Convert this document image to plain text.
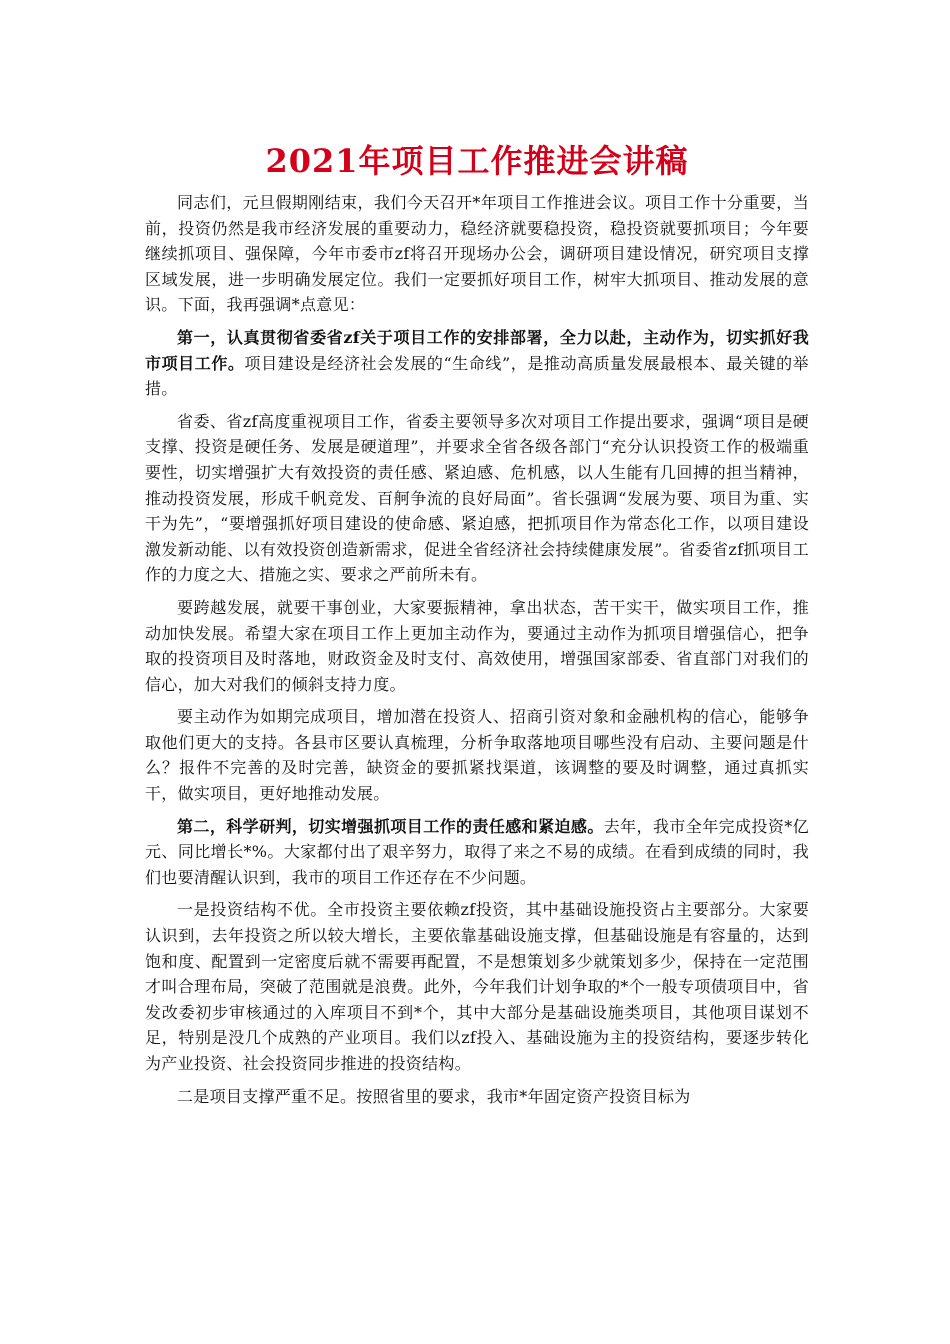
2021年项目工作推进会讲稿

同志们，元旦假期刚结束，我们今天召开*年项目工作推进会议。项目工作十分重要，当前，投资仍然是我市经济发展的重要动力，稳经济就要稳投资，稳投资就要抓项目；今年要继续抓项目、强保障，今年市委市zf将召开现场办公会，调研项目建设情况，研究项目支撑区域发展，进一步明确发展定位。我们一定要抓好项目工作，树牢大抓项目、推动发展的意识。下面，我再强调*点意见：

第一，认真贯彻省委省zf关于项目工作的安排部署，全力以赴，主动作为，切实抓好我市项目工作。项目建设是经济社会发展的“生命线”，是推动高质量发展最根本、最关键的举措。

省委、省zf高度重视项目工作，省委主要领导多次对项目工作提出要求，强调“项目是硬支撑、投资是硬任务、发展是硬道理”，并要求全省各级各部门“充分认识投资工作的极端重要性，切实增强扩大有效投资的责任感、紧迫感、危机感，以人生能有几回搏的担当精神，推动投资发展，形成千帆竞发、百舸争流的良好局面”。省长强调“发展为要、项目为重、实干为先”，“要增强抓好项目建设的使命感、紧迫感，把抓项目作为常态化工作，以项目建设激发新动能、以有效投资创造新需求，促进全省经济社会持续健康发展”。省委省zf抓项目工作的力度之大、措施之实、要求之严前所未有。

要跨越发展，就要干事创业，大家要振精神，拿出状态，苦干实干，做实项目工作，推动加快发展。希望大家在项目工作上更加主动作为，要通过主动作为抓项目增强信心，把争取的投资项目及时落地，财政资金及时支付、高效使用，增强国家部委、省直部门对我们的信心，加大对我们的倾斜支持力度。

要主动作为如期完成项目，增加潜在投资人、招商引资对象和金融机构的信心，能够争取他们更大的支持。各县市区要认真梳理，分析争取落地项目哪些没有启动、主要问题是什么？报件不完善的及时完善，缺资金的要抓紧找渠道，该调整的要及时调整，通过真抓实干，做实项目，更好地推动发展。

第二，科学研判，切实增强抓项目工作的责任感和紧迫感。去年，我市全年完成投资*亿元、同比增长*%。大家都付出了艰辛努力，取得了来之不易的成绩。在看到成绩的同时，我们也要清醒认识到，我市的项目工作还存在不少问题。

一是投资结构不优。全市投资主要依赖zf投资，其中基础设施投资占主要部分。大家要认识到，去年投资之所以较大增长，主要依靠基础设施支撑，但基础设施是有容量的，达到饱和度、配置到一定密度后就不需要再配置，不是想策划多少就策划多少，保持在一定范围才叫合理布局，突破了范围就是浪费。此外，今年我们计划争取的*个一般专项债项目中，省发改委初步审核通过的入库项目不到*个，其中大部分是基础设施类项目，其他项目谋划不足，特别是没几个成熟的产业项目。我们以zf投入、基础设施为主的投资结构，要逐步转化为产业投资、社会投资同步推进的投资结构。

二是项目支撑严重不足。按照省里的要求，我市*年固定资产投资目标为
